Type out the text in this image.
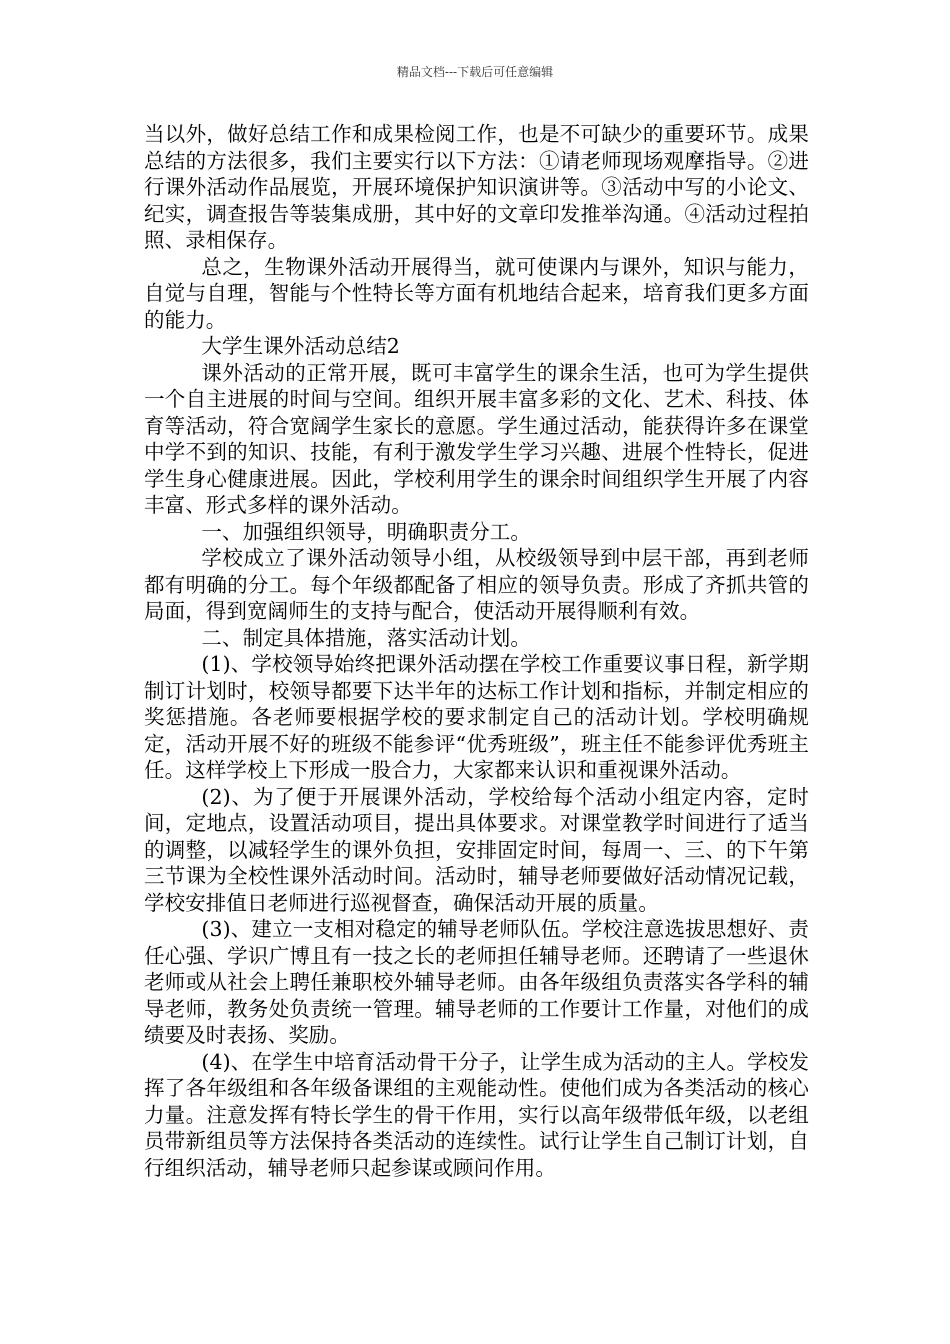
精品文档---下载后可任意编辑

当以外，做好总结工作和成果检阅工作，也是不可缺少的重要环节。成果总结的方法很多，我们主要实行以下方法：①请老师现场观摩指导。②进行课外活动作品展览，开展环境保护知识演讲等。③活动中写的小论文、纪实，调查报告等装集成册，其中好的文章印发推举沟通。④活动过程拍照、录相保存。

总之，生物课外活动开展得当，就可使课内与课外，知识与能力，自觉与自理，智能与个性特长等方面有机地结合起来，培育我们更多方面的能力。

大学生课外活动总结2

课外活动的正常开展，既可丰富学生的课余生活，也可为学生提供一个自主进展的时间与空间。组织开展丰富多彩的文化、艺术、科技、体育等活动，符合宽阔学生家长的意愿。学生通过活动，能获得许多在课堂中学不到的知识、技能，有利于激发学生学习兴趣、进展个性特长，促进学生身心健康进展。因此，学校利用学生的课余时间组织学生开展了内容丰富、形式多样的课外活动。

一、加强组织领导，明确职责分工。

学校成立了课外活动领导小组，从校级领导到中层干部，再到老师都有明确的分工。每个年级都配备了相应的领导负责。形成了齐抓共管的局面，得到宽阔师生的支持与配合，使活动开展得顺利有效。

二、制定具体措施，落实活动计划。

(1)、学校领导始终把课外活动摆在学校工作重要议事日程，新学期制订计划时，校领导都要下达半年的达标工作计划和指标，并制定相应的奖惩措施。各老师要根据学校的要求制定自己的活动计划。学校明确规定，活动开展不好的班级不能参评“优秀班级”，班主任不能参评优秀班主任。这样学校上下形成一股合力，大家都来认识和重视课外活动。

(2)、为了便于开展课外活动，学校给每个活动小组定内容，定时间，定地点，设置活动项目，提出具体要求。对课堂教学时间进行了适当的调整，以减轻学生的课外负担，安排固定时间，每周一、三、的下午第三节课为全校性课外活动时间。活动时，辅导老师要做好活动情况记载，学校安排值日老师进行巡视督查，确保活动开展的质量。

(3)、建立一支相对稳定的辅导老师队伍。学校注意选拔思想好、责任心强、学识广博且有一技之长的老师担任辅导老师。还聘请了一些退休老师或从社会上聘任兼职校外辅导老师。由各年级组负责落实各学科的辅导老师，教务处负责统一管理。辅导老师的工作要计工作量，对他们的成绩要及时表扬、奖励。

(4)、在学生中培育活动骨干分子，让学生成为活动的主人。学校发挥了各年级组和各年级备课组的主观能动性。使他们成为各类活动的核心力量。注意发挥有特长学生的骨干作用，实行以高年级带低年级，以老组员带新组员等方法保持各类活动的连续性。试行让学生自己制订计划，自行组织活动，辅导老师只起参谋或顾问作用。
